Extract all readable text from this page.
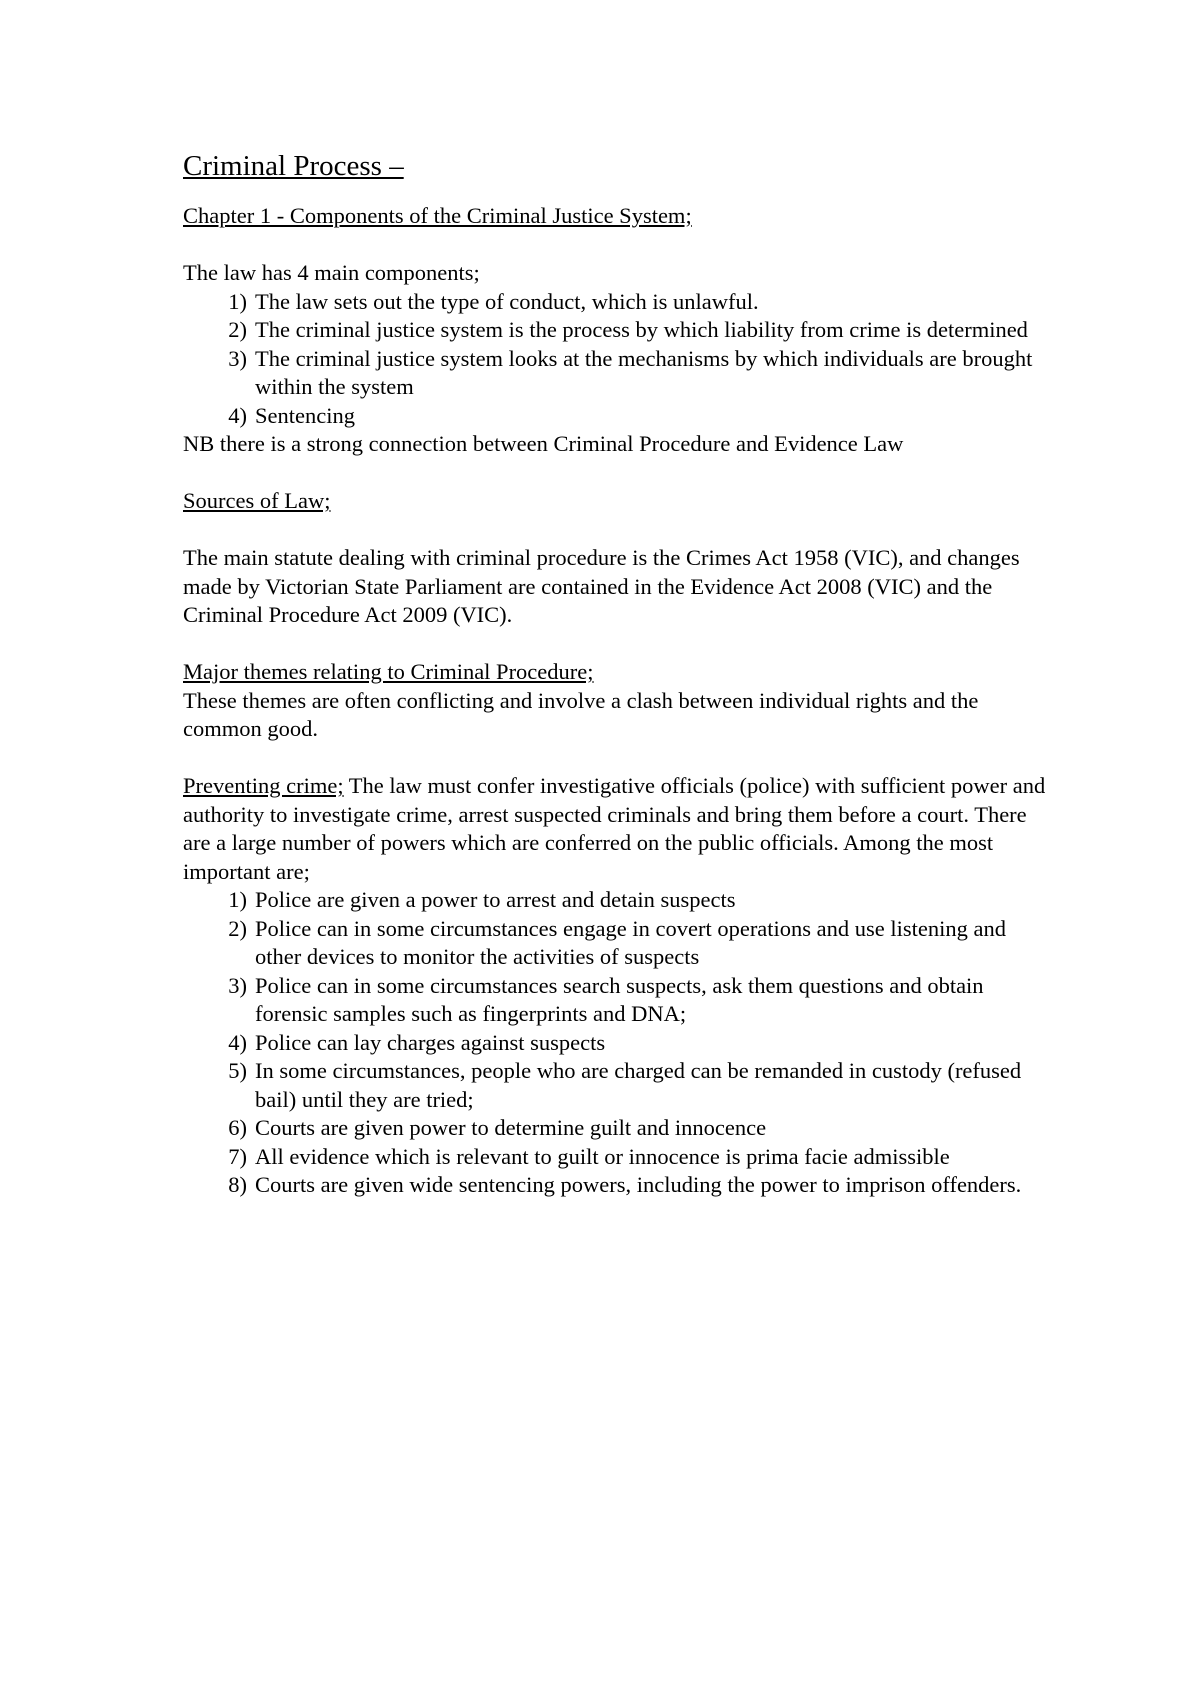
Criminal Process –

Chapter 1 - Components of the Criminal Justice System;

The law has 4 main components;

1) The law sets out the type of conduct, which is unlawful.
2) The criminal justice system is the process by which liability from crime is determined
3) The criminal justice system looks at the mechanisms by which individuals are brought within the system
4) Sentencing

NB there is a strong connection between Criminal Procedure and Evidence Law

Sources of Law;

The main statute dealing with criminal procedure is the Crimes Act 1958 (VIC), and changes made by Victorian State Parliament are contained in the Evidence Act 2008 (VIC) and the Criminal Procedure Act 2009 (VIC).

Major themes relating to Criminal Procedure;

These themes are often conflicting and involve a clash between individual rights and the common good.

Preventing crime; The law must confer investigative officials (police) with sufficient power and authority to investigate crime, arrest suspected criminals and bring them before a court. There are a large number of powers which are conferred on the public officials. Among the most important are;

1) Police are given a power to arrest and detain suspects
2) Police can in some circumstances engage in covert operations and use listening and other devices to monitor the activities of suspects
3) Police can in some circumstances search suspects, ask them questions and obtain forensic samples such as fingerprints and DNA;
4) Police can lay charges against suspects
5) In some circumstances, people who are charged can be remanded in custody (refused bail) until they are tried;
6) Courts are given power to determine guilt and innocence
7) All evidence which is relevant to guilt or innocence is prima facie admissible
8) Courts are given wide sentencing powers, including the power to imprison offenders.
